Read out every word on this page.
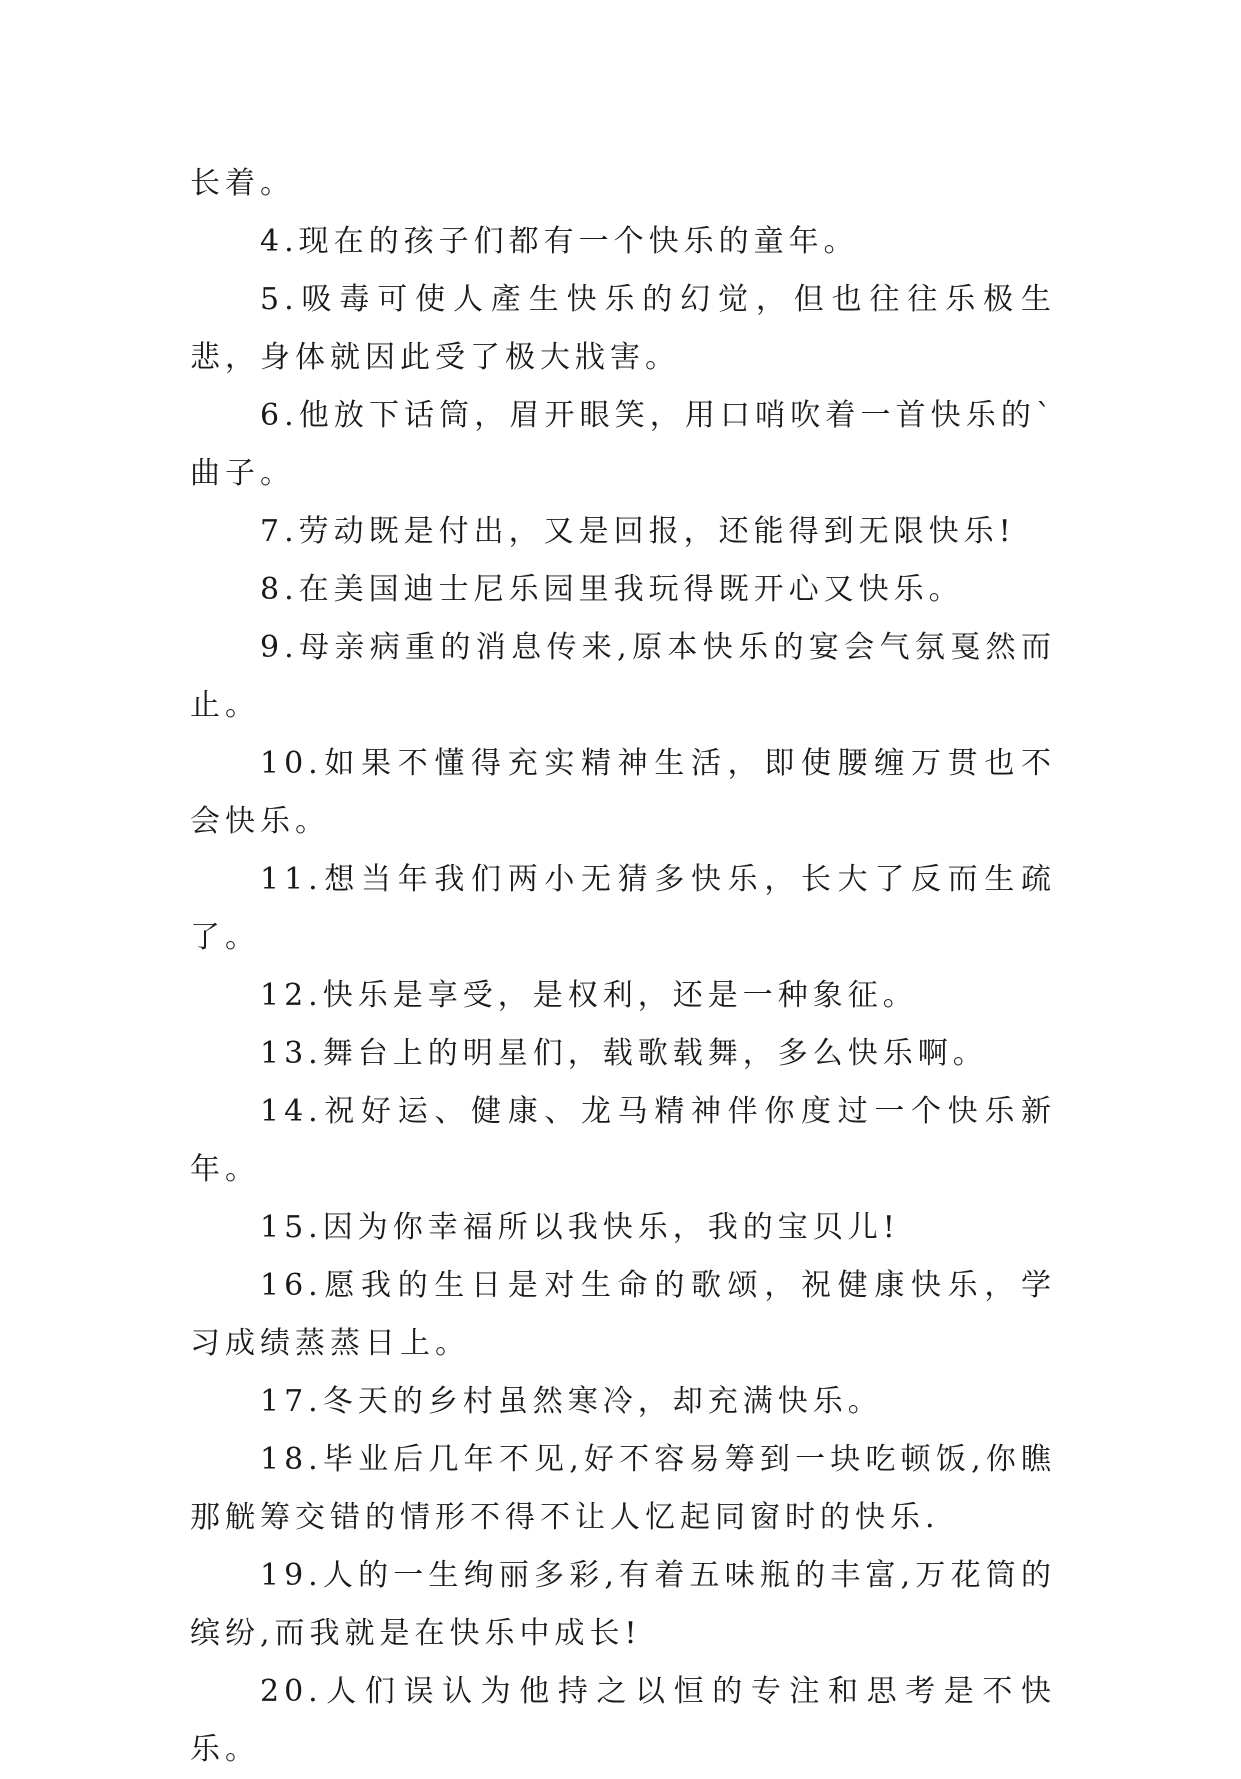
长着。

4.现在的孩子们都有一个快乐的童年。

5.吸毒可使人產生快乐的幻觉，但也往往乐极生悲，身体就因此受了极大戕害。

6.他放下话筒，眉开眼笑，用口哨吹着一首快乐的`曲子。

7.劳动既是付出，又是回报，还能得到无限快乐!

8.在美国迪士尼乐园里我玩得既开心又快乐。

9.母亲病重的消息传来,原本快乐的宴会气氛戛然而止。

10.如果不懂得充实精神生活，即使腰缠万贯也不会快乐。

11.想当年我们两小无猜多快乐，长大了反而生疏了。

12.快乐是享受，是权利，还是一种象征。

13.舞台上的明星们，载歌载舞，多么快乐啊。

14.祝好运、健康、龙马精神伴你度过一个快乐新年。

15.因为你幸福所以我快乐，我的宝贝儿!

16.愿我的生日是对生命的歌颂，祝健康快乐，学习成绩蒸蒸日上。

17.冬天的乡村虽然寒冷，却充满快乐。

18.毕业后几年不见,好不容易筹到一块吃顿饭,你瞧那觥筹交错的情形不得不让人忆起同窗时的快乐.

19.人的一生绚丽多彩,有着五味瓶的丰富,万花筒的缤纷,而我就是在快乐中成长!

20.人们误认为他持之以恒的专注和思考是不快乐。
